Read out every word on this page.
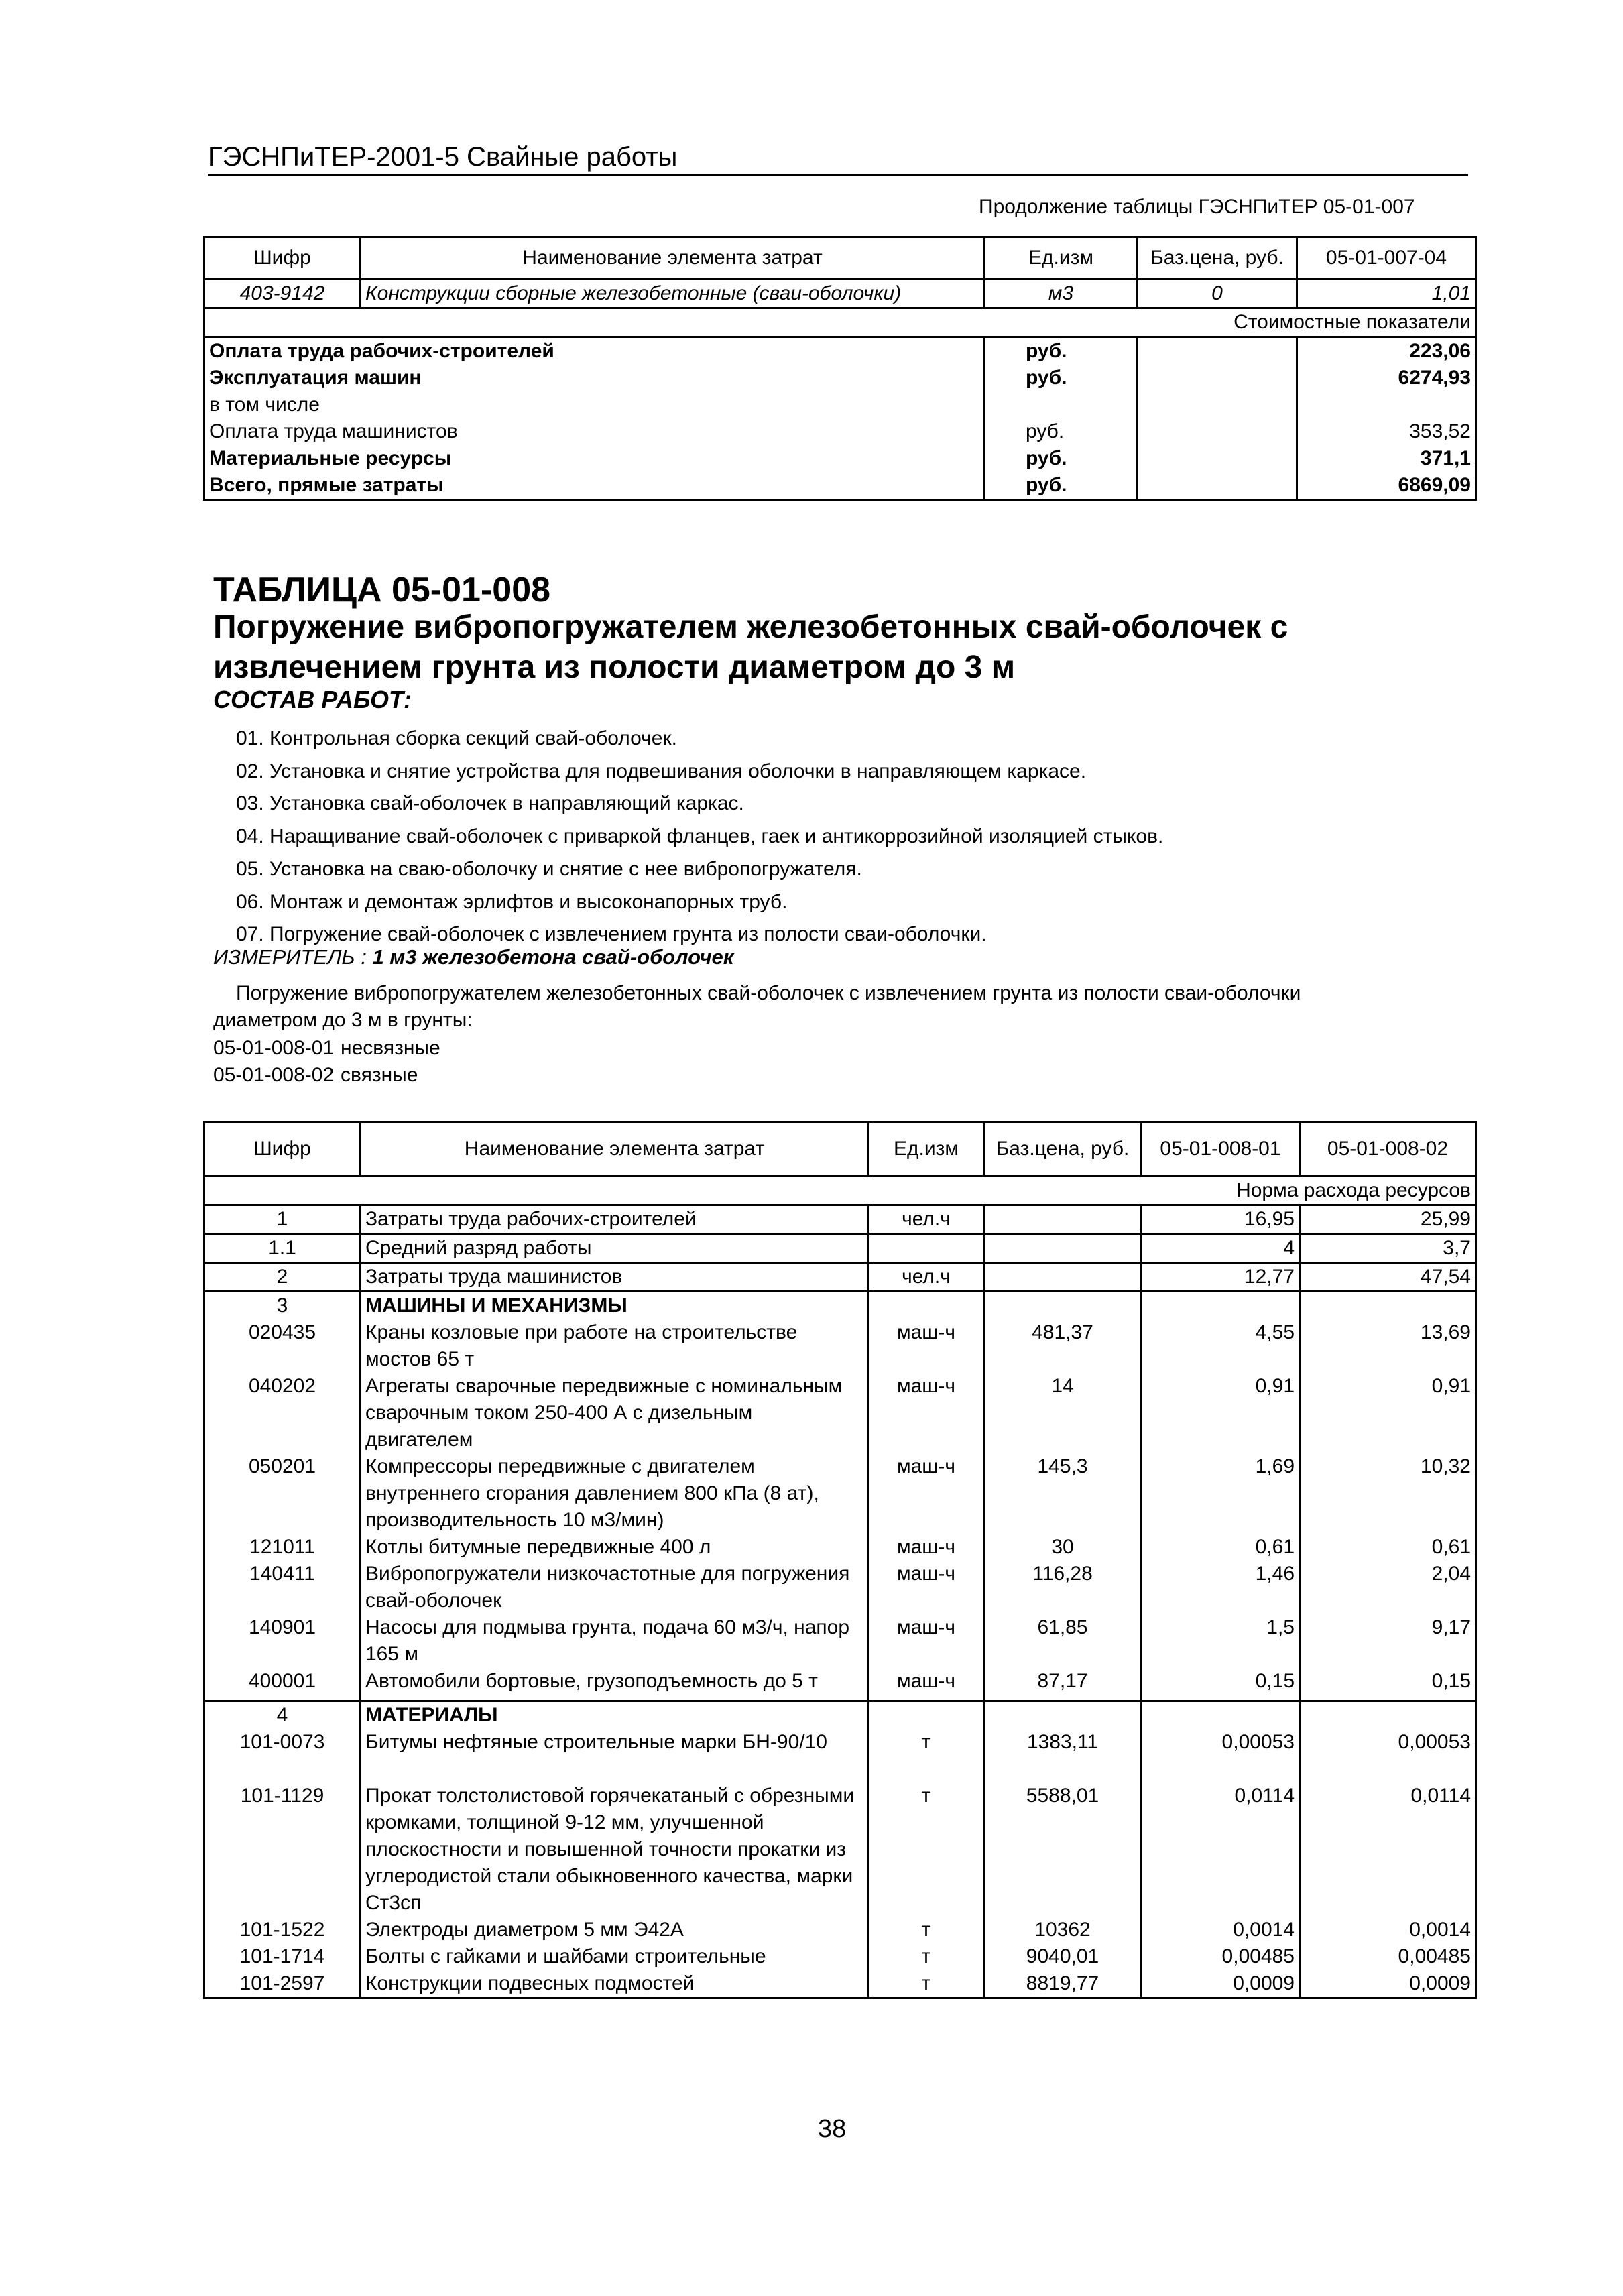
ГЭСНПиТЕР-2001-5 Свайные работы
Продолжение таблицы ГЭСНПиТЕР 05-01-007
Шифр	Наименование элемента затрат	Ед.изм	Баз.цена, руб.	05-01-007-04
403-9142	Конструкции сборные железобетонные (сваи-оболочки)	м3	0	1,01
Стоимостные показатели				
Оплата труда рабочих-строителей		руб.		223,06
Эксплуатация машин		руб.		6274,93
в том числе				
Оплата труда машинистов		руб.		353,52
Материальные ресурсы		руб.		371,1
Всего, прямые затраты		руб.		6869,09
ТАБЛИЦА 05-01-008
Погружение вибропогружателем железобетонных свай-оболочек с извлечением грунта из полости диаметром до 3 м
СОСТАВ РАБОТ:
01. Контрольная сборка секций свай-оболочек.
02. Установка и снятие устройства для подвешивания оболочки в направляющем каркасе.
03. Установка свай-оболочек в направляющий каркас.
04. Наращивание свай-оболочек с приваркой фланцев, гаек и антикоррозийной изоляцией стыков.
05. Установка на сваю-оболочку и снятие с нее вибропогружателя.
06. Монтаж и демонтаж эрлифтов и высоконапорных труб.
07. Погружение свай-оболочек с извлечением грунта из полости сваи-оболочки.
ИЗМЕРИТЕЛЬ : 1 м3 железобетона свай-оболочек

Погружение вибропогружателем железобетонных свай-оболочек с извлечением грунта из полости сваи-оболочки диаметром до 3 м в грунты:

05-01-008-01 несвязные
05-01-008-02 связные
Шифр	Наименование элемента затрат	Ед.изм	Баз.цена, руб.	05-01-008-01	05-01-008-02
Норма расхода ресурсов					
1	Затраты труда рабочих-строителей	чел.ч		16,95	25,99
1.1	Средний разряд работы			4	3,7
2	Затраты труда машинистов	чел.ч		12,77	47,54
3	МАШИНЫ И МЕХАНИЗМЫ				
020435	Краны козловые при работе на строительстве мостов 65 т	маш-ч	481,37	4,55	13,69
040202	Агрегаты сварочные передвижные с номинальным сварочным током 250-400 А с дизельным двигателем	маш-ч	14	0,91	0,91
050201	Компрессоры передвижные с двигателем внутреннего сгорания давлением 800 кПа (8 ат), производительность 10 м3/мин)	маш-ч	145,3	1,69	10,32
121011	Котлы битумные передвижные 400 л	маш-ч	30	0,61	0,61
140411	Вибропогружатели низкочастотные для погружения свай-оболочек	маш-ч	116,28	1,46	2,04
140901	Насосы для подмыва грунта, подача 60 м3/ч, напор 165 м	маш-ч	61,85	1,5	9,17
400001	Автомобили бортовые, грузоподъемность до 5 т	маш-ч	87,17	0,15	0,15

4	МАТЕРИАЛЫ				
101-0073	Битумы нефтяные строительные марки БН-90/10	т	1383,11	0,00053	0,00053

101-1129	Прокат толстолистовой горячекатаный с обрезными кромками, толщиной 9-12 мм, улучшенной плоскостности и повышенной точности прокатки из углеродистой стали обыкновенного качества, марки Ст3сп	т	5588,01	0,0114	0,0114
101-1522	Электроды диаметром 5 мм Э42А	т	10362	0,0014	0,0014
101-1714	Болты с гайками и шайбами строительные	т	9040,01	0,00485	0,00485
101-2597	Конструкции подвесных подмостей	т	8819,77	0,0009	0,0009
38
